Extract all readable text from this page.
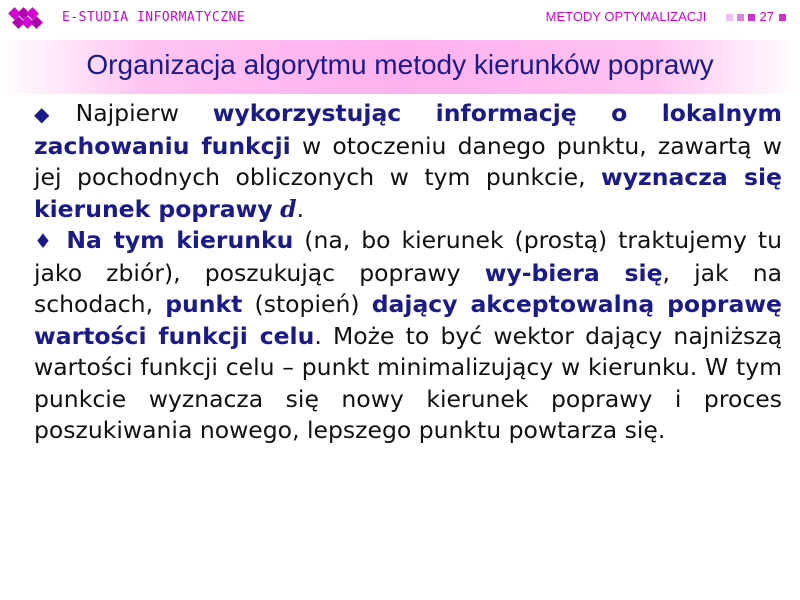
E-STUDIA INFORMATYCZNE	METODY OPTYMALIZACJI	27
Organizacja algorytmu metody kierunków poprawy

◆Najpierw wykorzystując informację o lokalnym zachowaniu funkcji w otoczeniu danego punktu, zawartą w jej pochodnych obliczonych w tym punkcie, wyznacza się kierunek poprawy d.

♦ Na tym kierunku (na, bo kierunek (prostą) traktujemy tu jako zbiór), poszukując poprawy wy-biera się, jak na schodach, punkt (stopień) dający akceptowalną poprawę wartości funkcji celu. Może to być wektor dający najniższą wartości funkcji celu – punkt minimalizujący w kierunku. W tym punkcie wyznacza się nowy kierunek poprawy i proces poszukiwania nowego, lepszego punktu powtarza się.
